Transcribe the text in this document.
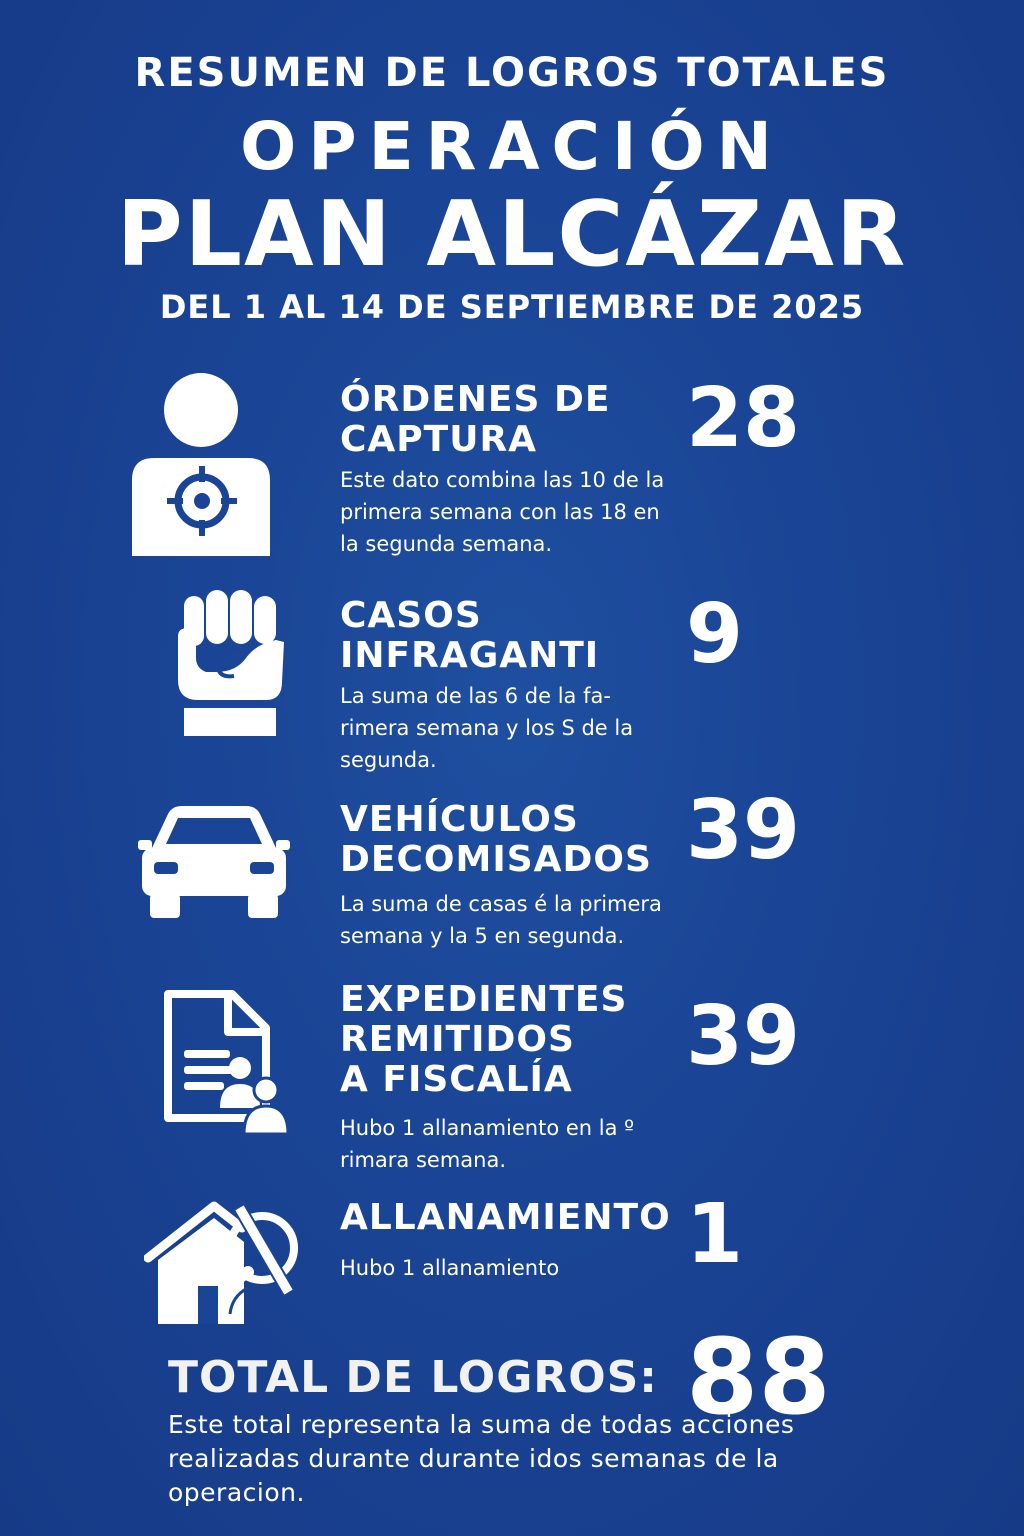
RESUMEN DE LOGROS TOTALES
OPERACIÓN
PLAN ALCÁZAR
DEL 1 AL 14 DE SEPTIEMBRE DE 2025
ÓRDENES DE
CAPTURA	28
Este dato combina las 10 de la primera semana con las 18 en la segunda semana.
CASOS
INFRAGANTI 9
La suma de las 6 de la fa- rimera semana y los S de la segunda.
VEHÍCULOS
DECOMISADOS 39
La suma de casas é la primera semana y la 5 en segunda.
EXPEDIENTES
REMITIDOS
A FISCALÍA	39
Hubo 1 allanamiento en la º rimara semana.
ALLANAMIENTO 1
Hubo 1 allanamiento
TOTAL DE LOGROS: 88
Este total representa la suma de todas acciones realizadas durante durante idos semanas de la operacion.
